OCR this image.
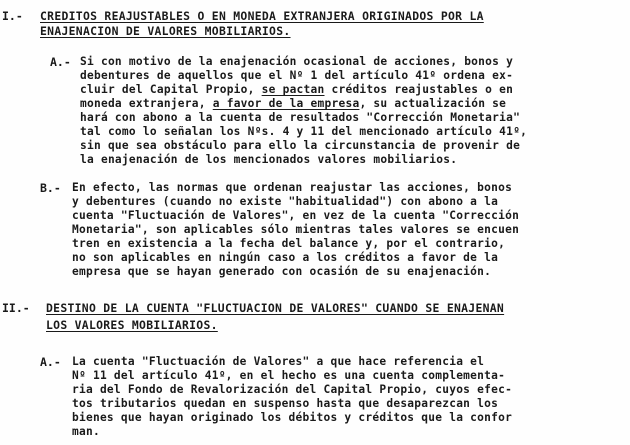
I.- CREDITOS REAJUSTABLES O EN MONEDA EXTRANJERA ORIGINADOS POR LA
ENAJENACION DE VALORES MOBILIARIOS.
A.- Si con motivo de la enajenación ocasional de acciones, bonos y
debentures de aquellos que el Nº 1 del artículo 41º ordena ex-
cluir del Capital Propio, se pactan créditos reajustables o en
moneda extranjera, a favor de la empresa, su actualización se
hará con abono a la cuenta de resultados "Corrección Monetaria"
tal como lo señalan los Nºs. 4 y 11 del mencionado artículo 41º,
sin que sea obstáculo para ello la circunstancia de provenir de
la enajenación de los mencionados valores mobiliarios.
B.- En efecto, las normas que ordenan reajustar las acciones, bonos
y debentures (cuando no existe "habitualidad") con abono a la
cuenta "Fluctuación de Valores", en vez de la cuenta "Corrección
Monetaria", son aplicables sólo mientras tales valores se encuen
tren en existencia a la fecha del balance y, por el contrario,
no son aplicables en ningún caso a los créditos a favor de la
empresa que se hayan generado con ocasión de su enajenación.
II.- DESTINO DE LA CUENTA "FLUCTUACION DE VALORES" CUANDO SE ENAJENAN
LOS VALORES MOBILIARIOS.
A.- La cuenta "Fluctuación de Valores" a que hace referencia el
Nº 11 del artículo 41º, en el hecho es una cuenta complementa-
ria del Fondo de Revalorización del Capital Propio, cuyos efec-
tos tributarios quedan en suspenso hasta que desaparezcan los
bienes que hayan originado los débitos y créditos que la confor
man.
